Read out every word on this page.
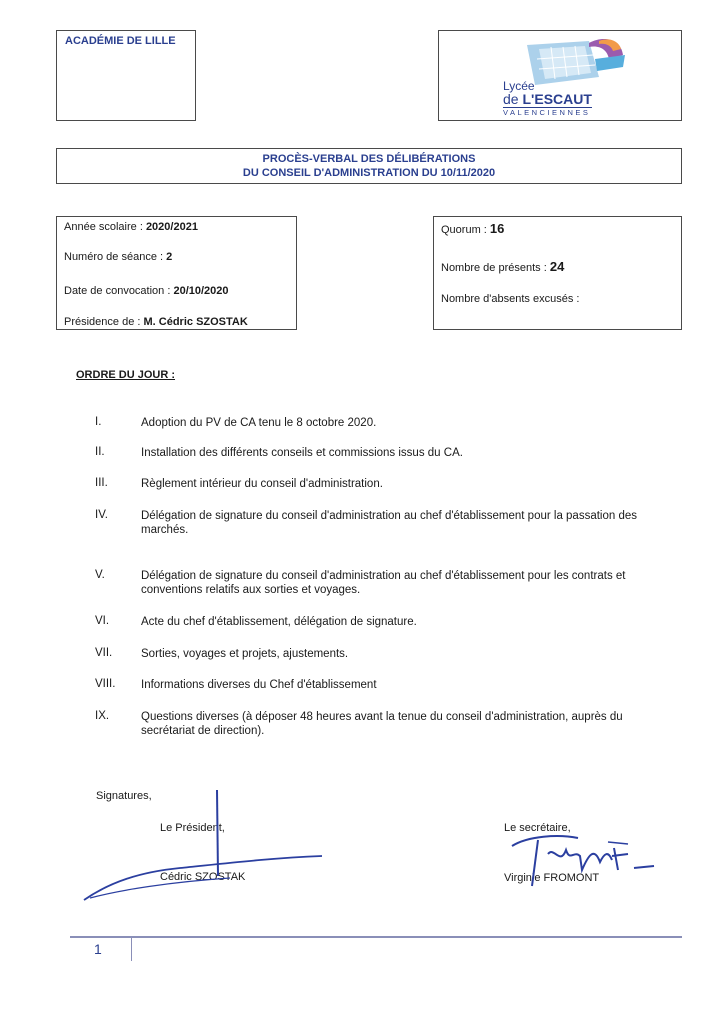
ACADÉMIE DE LILLE
Lycée
de L'ESCAUT
VALENCIENNES
PROCÈS-VERBAL DES DÉLIBÉRATIONS
DU CONSEIL D'ADMINISTRATION DU 10/11/2020
Année scolaire : 2020/2021
Numéro de séance : 2
Date de convocation : 20/10/2020
Présidence de : M. Cédric SZOSTAK
Quorum : 16
Nombre de présents : 24
Nombre d'absents excusés :
ORDRE DU JOUR :
I.	Adoption du PV de CA tenu le 8 octobre 2020.
II.	Installation des différents conseils et commissions issus du CA.
III.	Règlement intérieur du conseil d'administration.
IV.	Délégation de signature du conseil d'administration au chef d'établissement pour la passation des marchés.
V.	Délégation de signature du conseil d'administration au chef d'établissement pour les contrats et conventions relatifs aux sorties et voyages.
VI.	Acte du chef d'établissement, délégation de signature.
VII. Sorties, voyages et projets, ajustements.
VIII. Informations diverses du Chef d'établissement
IX.	Questions diverses (à déposer 48 heures avant la tenue du conseil d'administration, auprès du secrétariat de direction).
Signatures,
Le Président,
Cédric SZOSTAK
Le secrétaire,
Virginie FROMONT
1
